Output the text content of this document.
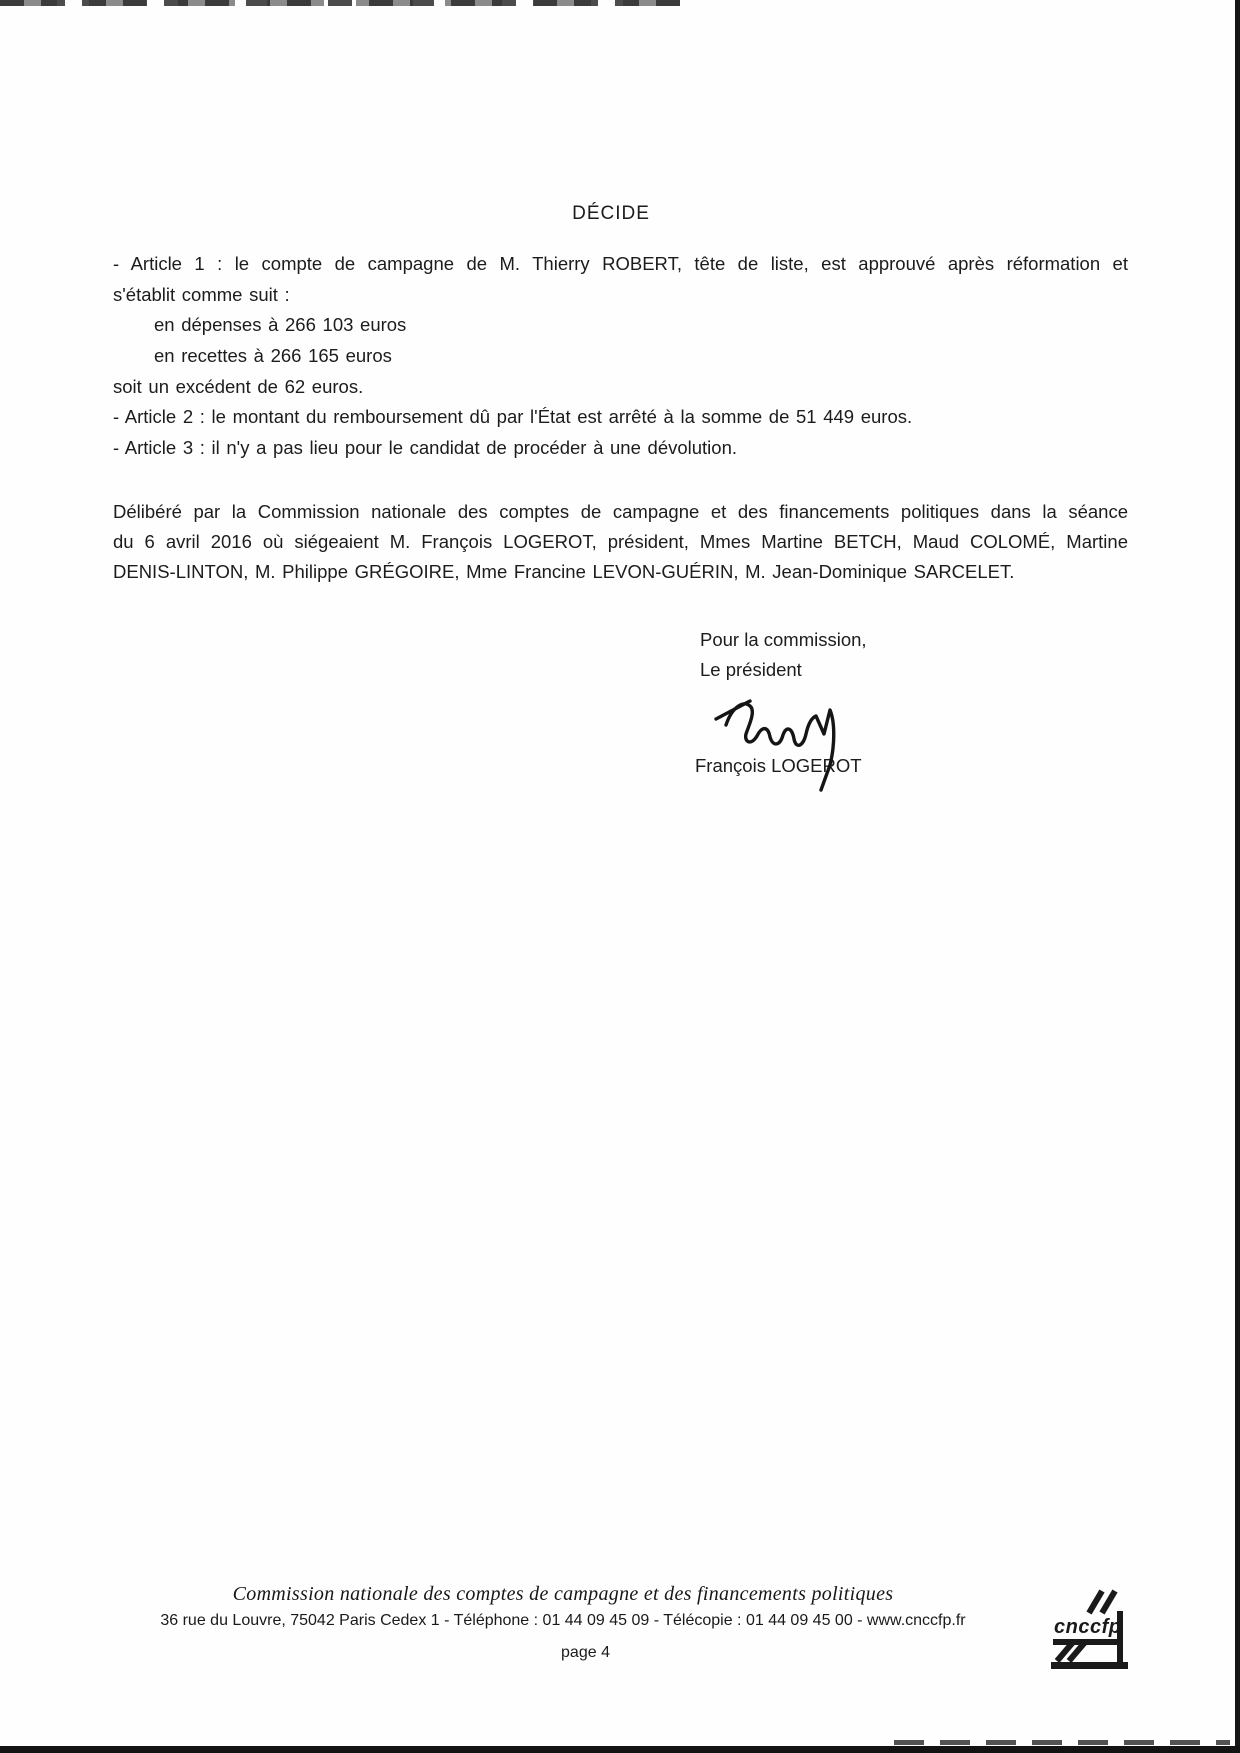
DÉCIDE

- Article 1 : le compte de campagne de M. Thierry ROBERT, tête de liste, est approuvé après réformation et

s'établit comme suit :

en dépenses à 266 103 euros

en recettes à 266 165 euros

soit un excédent de 62 euros.

- Article 2 : le montant du remboursement dû par l'État est arrêté à la somme de 51 449 euros.

- Article 3 : il n'y a pas lieu pour le candidat de procéder à une dévolution.

Délibéré par la Commission nationale des comptes de campagne et des financements politiques dans la séance

du 6 avril 2016 où siégeaient M. François LOGEROT, président, Mmes Martine BETCH, Maud COLOMÉ, Martine

DENIS-LINTON, M. Philippe GRÉGOIRE, Mme Francine LEVON-GUÉRIN, M. Jean-Dominique SARCELET.

Pour la commission,

Le président

François LOGEROT

Commission nationale des comptes de campagne et des financements politiques

36 rue du Louvre, 75042 Paris Cedex 1 - Téléphone : 01 44 09 45 09 - Télécopie : 01 44 09 45 00 - www.cnccfp.fr

page 4

cnccfp
